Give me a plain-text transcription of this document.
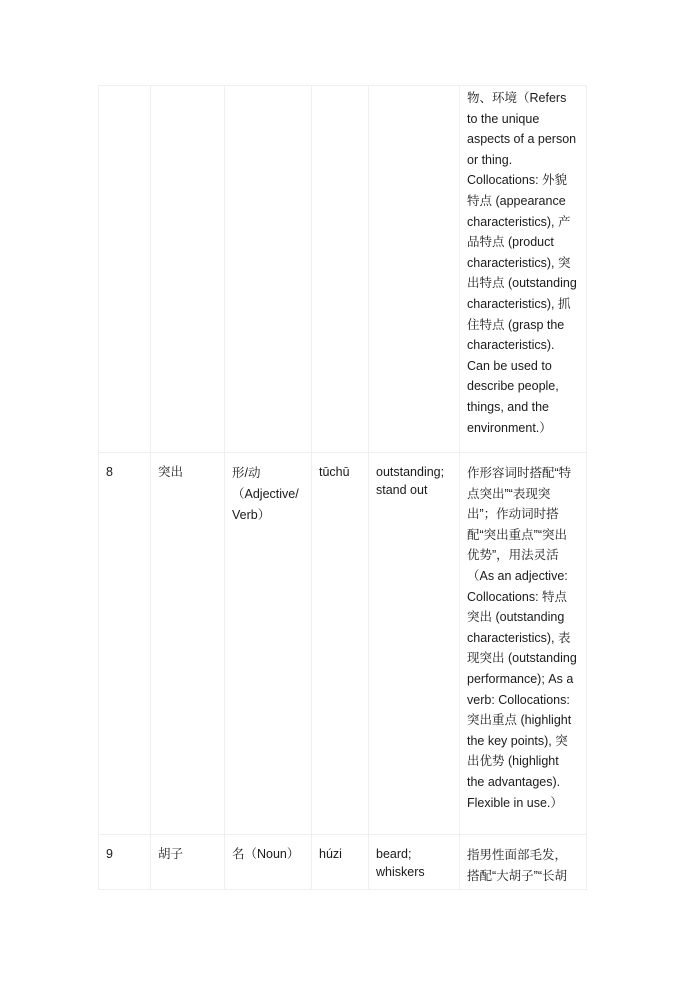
					物、环境（Refers to the unique aspects of a person or thing. Collocations: 外貌特点 (appearance characteristics), 产品特点 (product characteristics), 突出特点 (outstanding characteristics), 抓住特点 (grasp the characteristics). Can be used to describe people, things, and the environment.）
8	突出	形/动（Adjective/Verb）	tūchū	outstanding; stand out	作形容词时搭配“特点突出”“表现突出”；作动词时搭配“突出重点”“突出优势”，用法灵活（As an adjective: Collocations: 特点突出 (outstanding characteristics), 表现突出 (outstanding performance); As a verb: Collocations: 突出重点 (highlight the key points), 突出优势 (highlight the advantages). Flexible in use.）
9	胡子	名（Noun）	húzi	beard; whiskers	指男性面部毛发，搭配“大胡子”“长胡
